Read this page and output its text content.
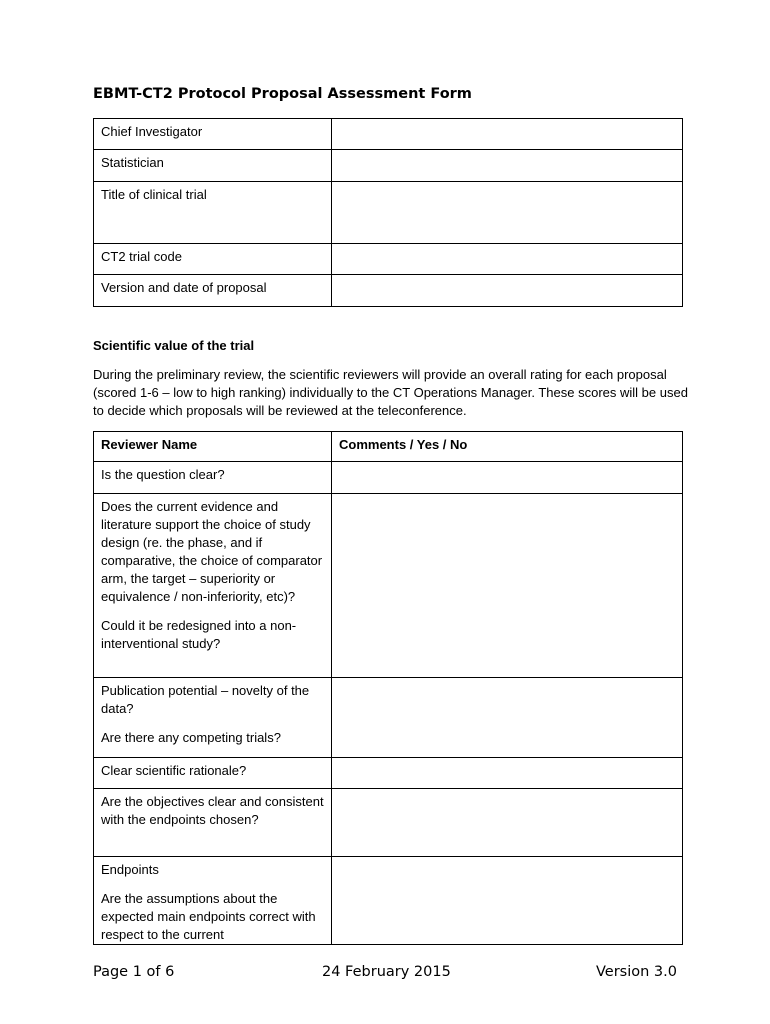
EBMT-CT2 Protocol Proposal Assessment Form
Chief Investigator	
Statistician	
Title of clinical trial	
CT2 trial code	
Version and date of proposal	
Scientific value of the trial
During the preliminary review, the scientific reviewers will provide an overall rating for each proposal (scored 1-6 – low to high ranking) individually to the CT Operations Manager. These scores will be used to decide which proposals will be reviewed at the teleconference.
Reviewer Name	Comments / Yes / No

Is the question clear?	

Does the current evidence and literature support the choice of study design (re. the phase, and if comparative, the choice of comparator arm, the target – superiority or equivalence / non-inferiority, etc)?

Could it be redesigned into a non-interventional study?	

Publication potential – novelty of the data?

Are there any competing trials?	

Clear scientific rationale?	

Are the objectives clear and consistent with the endpoints chosen?	

Endpoints

Are the assumptions about the expected main endpoints correct with respect to the current	

Page 1 of 6	24 February 2015	Version 3.0
